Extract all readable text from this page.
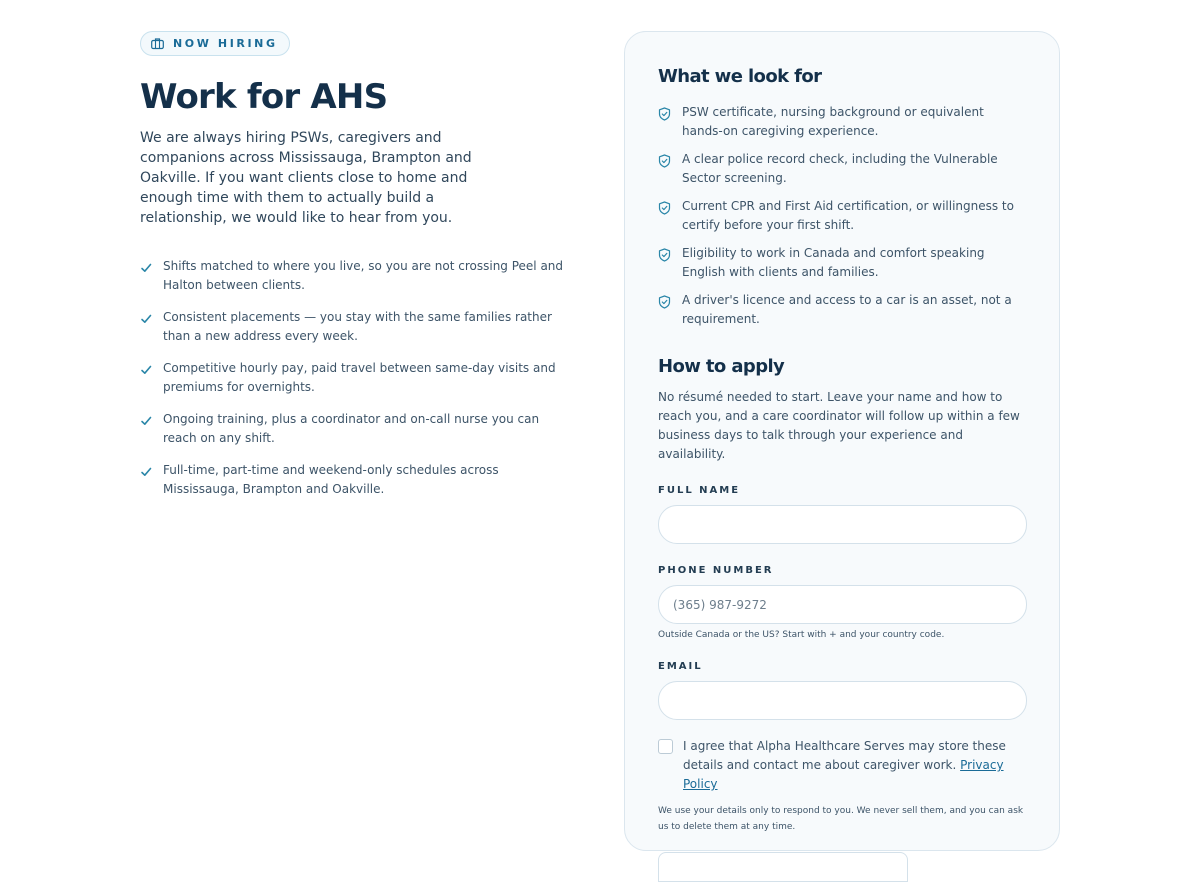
NOW HIRING
Work for AHS

We are always hiring PSWs, caregivers and companions across Mississauga, Brampton and Oakville. If you want clients close to home and enough time with them to actually build a relationship, we would like to hear from you.

Shifts matched to where you live, so you are not crossing Peel and Halton between clients.
Consistent placements — you stay with the same families rather than a new address every week.
Competitive hourly pay, paid travel between same-day visits and premiums for overnights.
Ongoing training, plus a coordinator and on-call nurse you can reach on any shift.
Full-time, part-time and weekend-only schedules across Mississauga, Brampton and Oakville.
What we look for
PSW certificate, nursing background or equivalent hands-on caregiving experience.
A clear police record check, including the Vulnerable Sector screening.
Current CPR and First Aid certification, or willingness to certify before your first shift.
Eligibility to work in Canada and comfort speaking English with clients and families.
A driver's licence and access to a car is an asset, not a requirement.
How to apply

No résumé needed to start. Leave your name and how to reach you, and a care coordinator will follow up within a few business days to talk through your experience and availability.

FULL NAME
PHONE NUMBER
(365) 987-9272
Outside Canada or the US? Start with + and your country code.
EMAIL
I agree that Alpha Healthcare Serves may store these details and contact me about caregiver work. Privacy Policy

We use your details only to respond to you. We never sell them, and you can ask us to delete them at any time.
